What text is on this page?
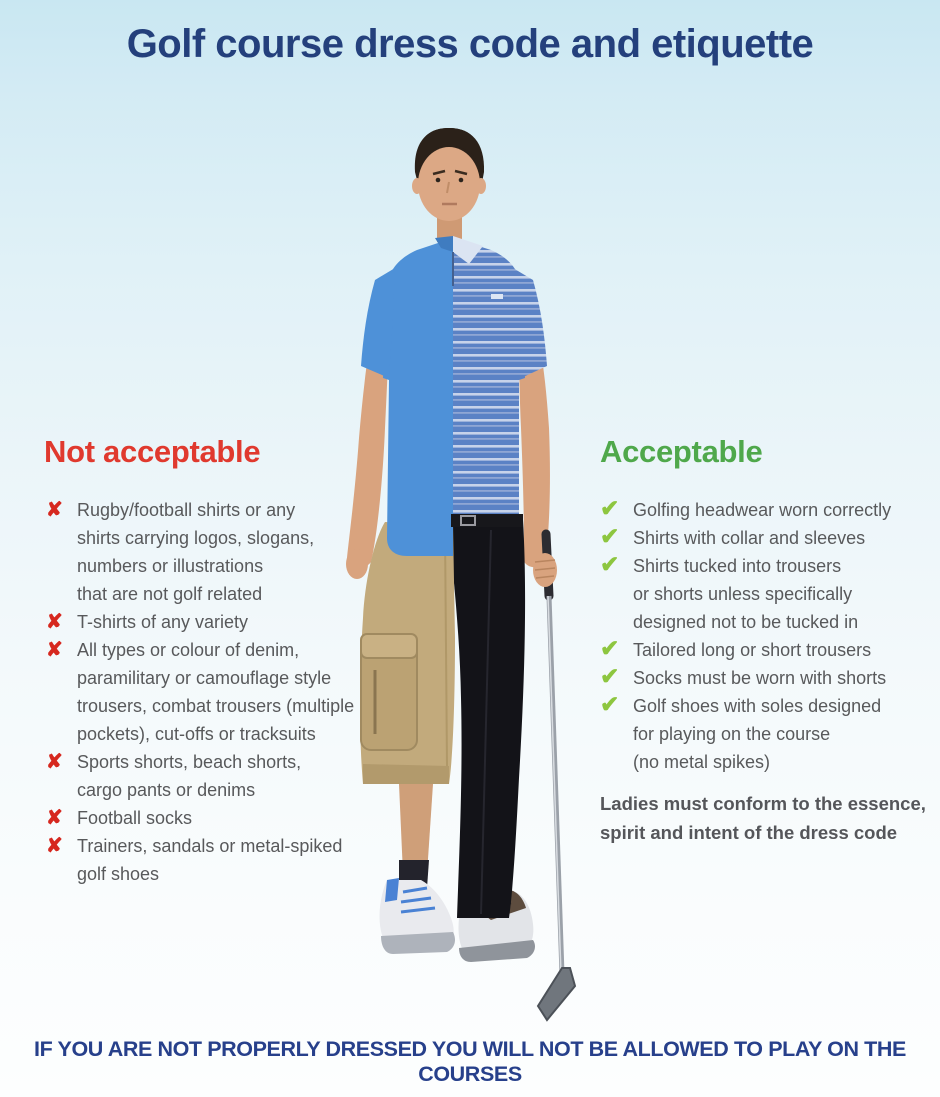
Golf course dress code and etiquette
Not acceptable
✘ Rugby/football shirts or any
shirts carrying logos, slogans,
numbers or illustrations
that are not golf related
✘ T-shirts of any variety
✘ All types or colour of denim,
paramilitary or camouflage style
trousers, combat trousers (multiple
pockets), cut-offs or tracksuits
✘ Sports shorts, beach shorts,
cargo pants or denims
✘ Football socks
✘ Trainers, sandals or metal-spiked
golf shoes
Acceptable
✔ Golfing headwear worn correctly
✔ Shirts with collar and sleeves
✔ Shirts tucked into trousers
or shorts unless specifically
designed not to be tucked in
✔ Tailored long or short trousers
✔ Socks must be worn with shorts
✔ Golf shoes with soles designed
for playing on the course
(no metal spikes)
Ladies must conform to the essence,
spirit and intent of the dress code
IF YOU ARE NOT PROPERLY DRESSED YOU WILL NOT BE ALLOWED TO PLAY ON THE COURSES
